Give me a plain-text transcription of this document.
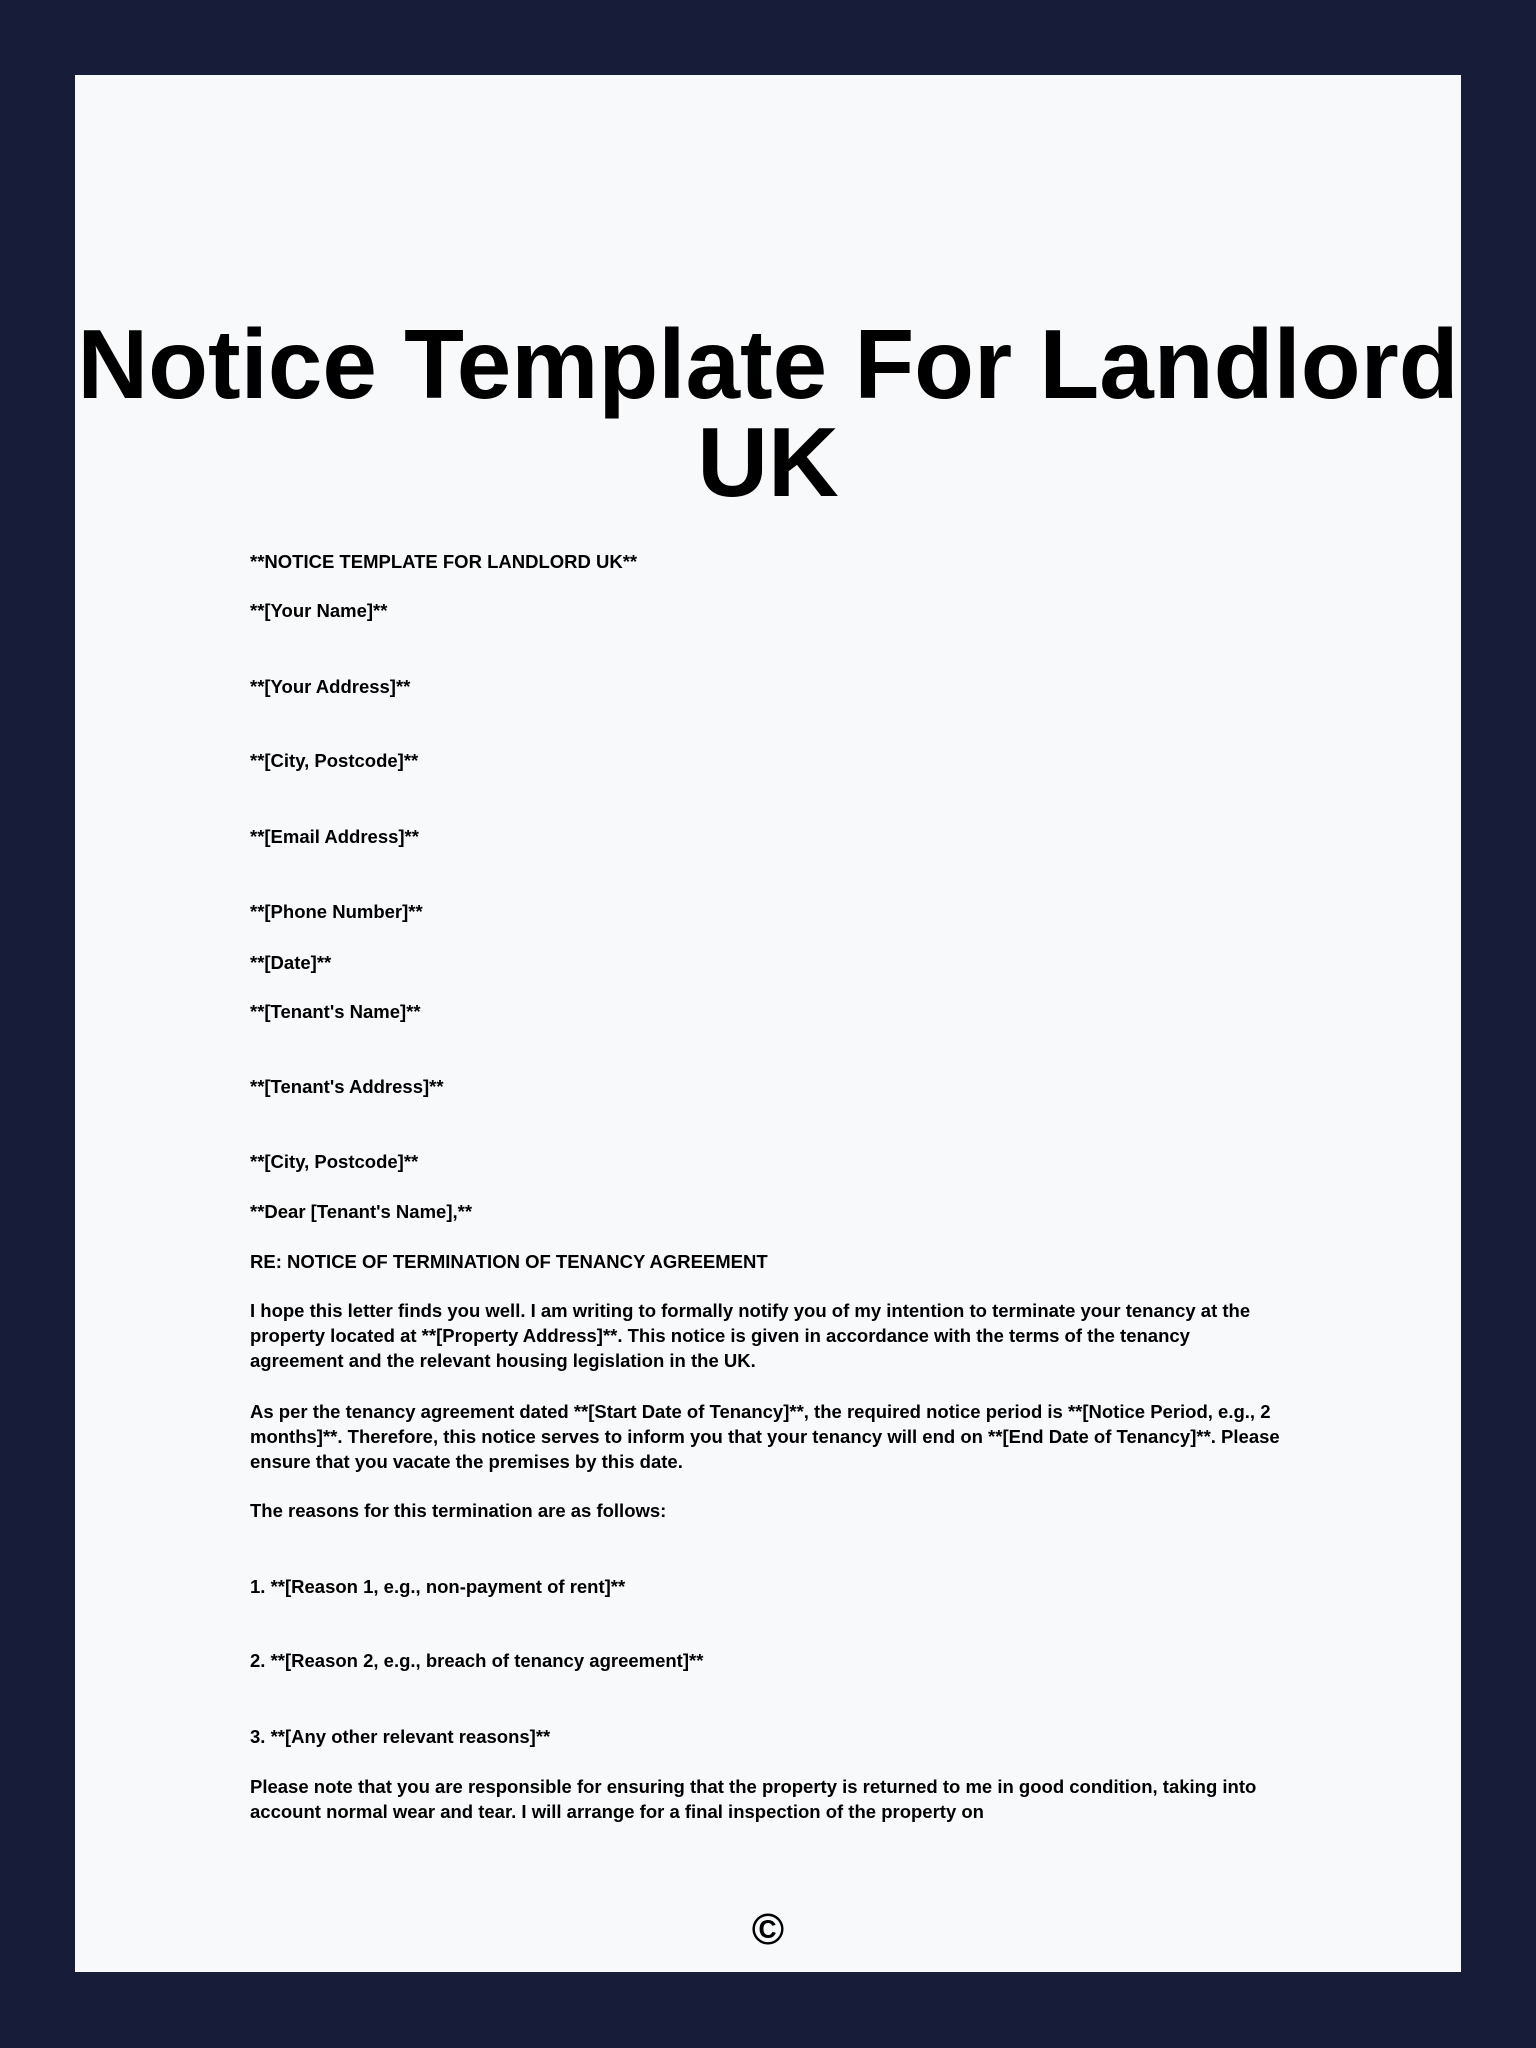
Notice Template For Landlord UK

**NOTICE TEMPLATE FOR LANDLORD UK**

**[Your Name]**

**[Your Address]**

**[City, Postcode]**

**[Email Address]**

**[Phone Number]**

**[Date]**

**[Tenant's Name]**

**[Tenant's Address]**

**[City, Postcode]**

**Dear [Tenant's Name],**

RE: NOTICE OF TERMINATION OF TENANCY AGREEMENT

I hope this letter finds you well. I am writing to formally notify you of my intention to terminate your tenancy at the property located at **[Property Address]**. This notice is given in accordance with the terms of the tenancy agreement and the relevant housing legislation in the UK.

As per the tenancy agreement dated **[Start Date of Tenancy]**, the required notice period is **[Notice Period, e.g., 2 months]**. Therefore, this notice serves to inform you that your tenancy will end on **[End Date of Tenancy]**. Please ensure that you vacate the premises by this date.

The reasons for this termination are as follows:

1. **[Reason 1, e.g., non-payment of rent]**

2. **[Reason 2, e.g., breach of tenancy agreement]**

3. **[Any other relevant reasons]**

Please note that you are responsible for ensuring that the property is returned to me in good condition, taking into account normal wear and tear. I will arrange for a final inspection of the property on

©
